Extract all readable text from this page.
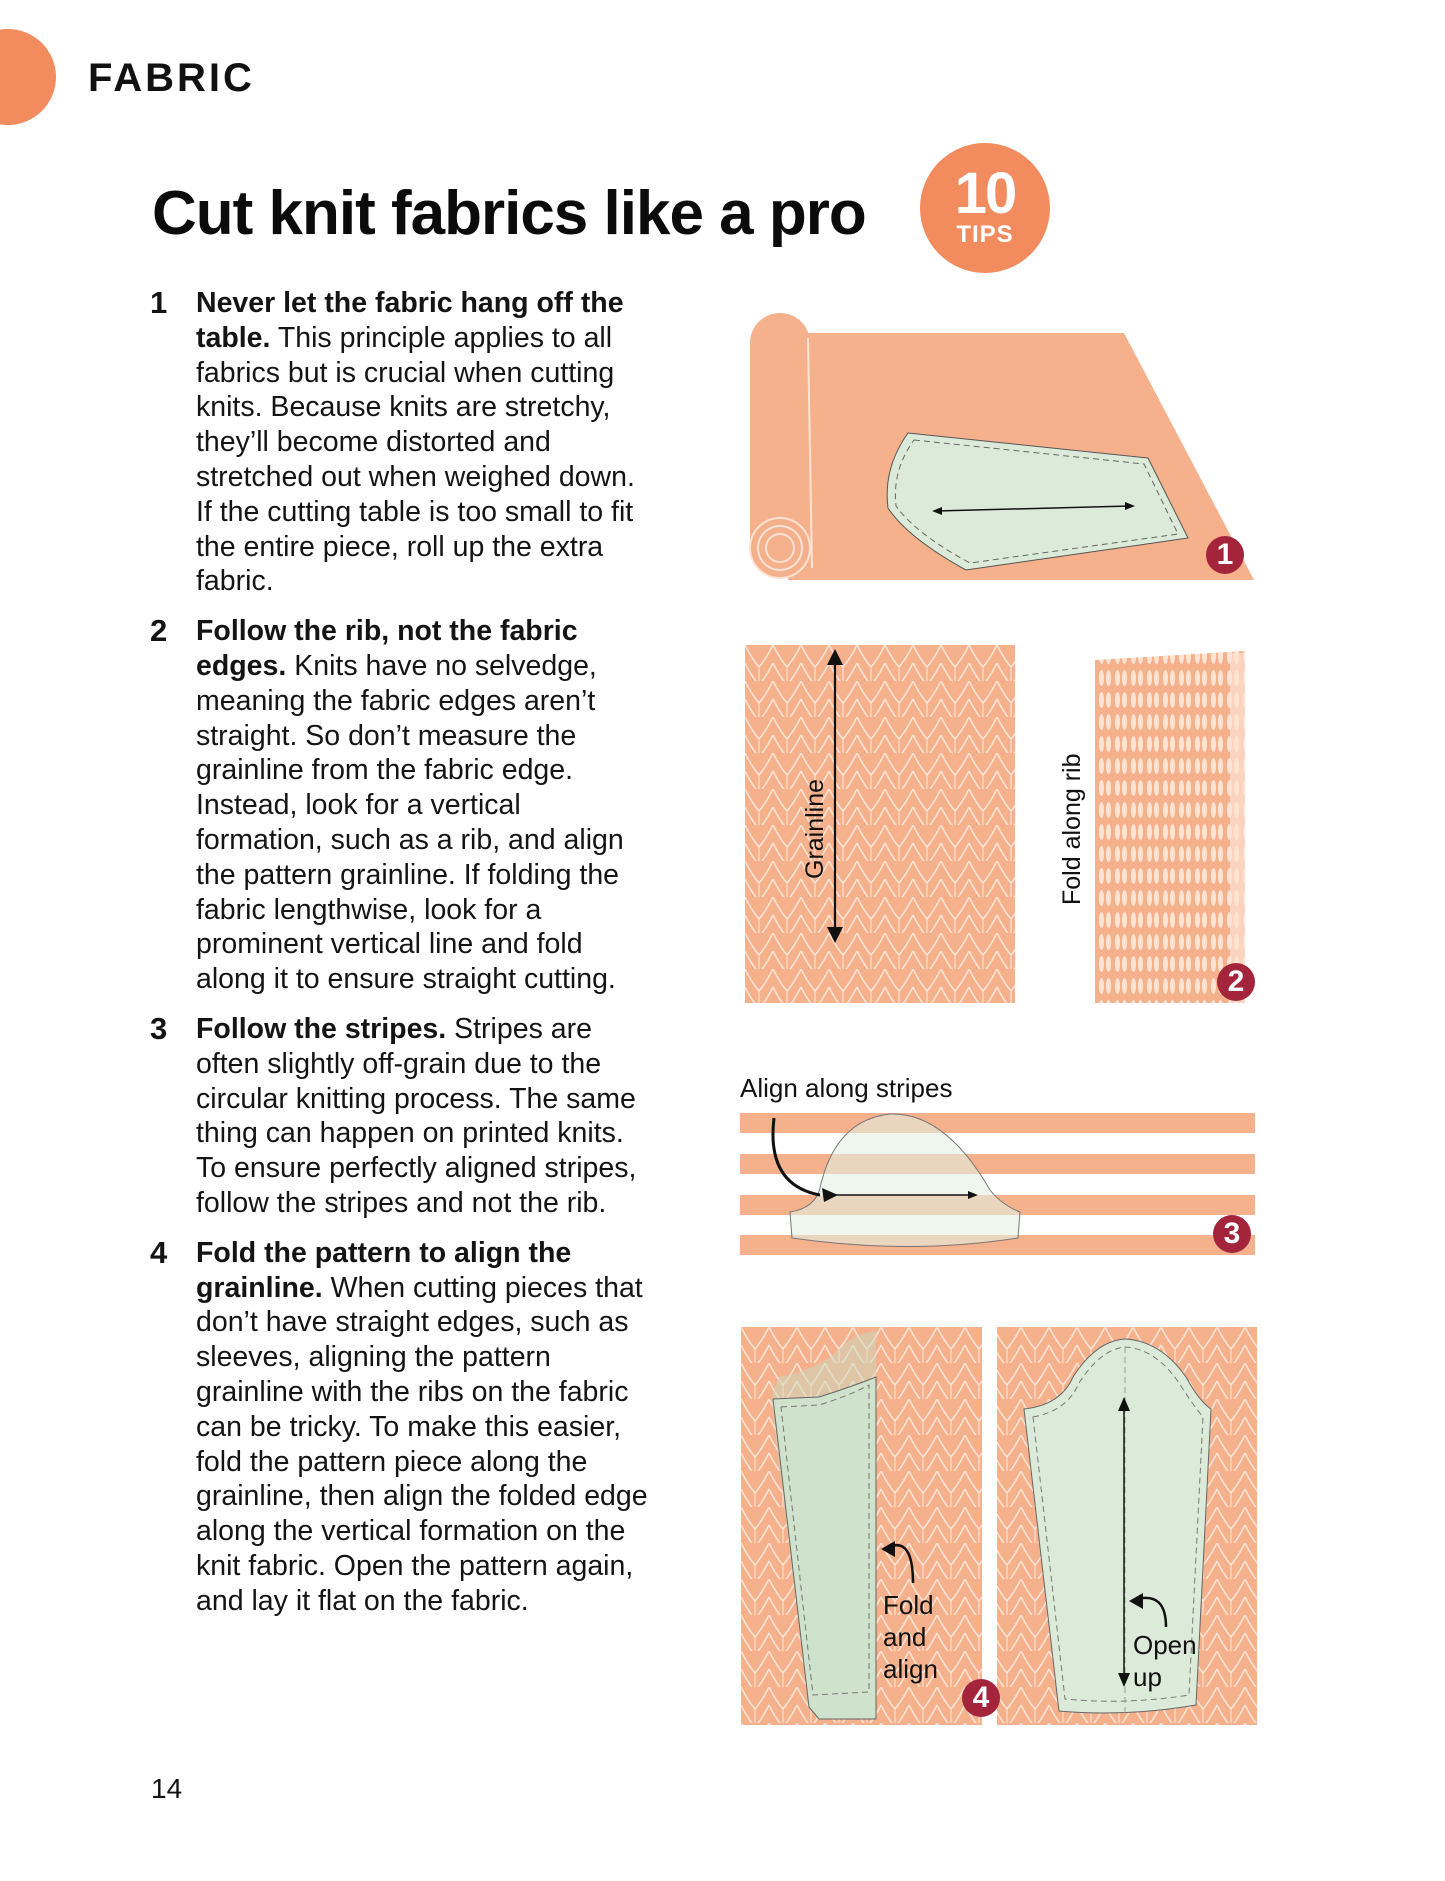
FABRIC
Cut knit fabrics like a pro	10
TIPS

1 Never let the fabric hang off the table. This principle applies to all fabrics but is crucial when cutting knits. Because knits are stretchy, they’ll become distorted and stretched out when weighed down. If the cutting table is too small to fit the entire piece, roll up the extra fabric.

2 Follow the rib, not the fabric edges. Knits have no selvedge, meaning the fabric edges aren’t straight. So don’t measure the grainline from the fabric edge. Instead, look for a vertical formation, such as a rib, and align the pattern grainline. If folding the fabric lengthwise, look for a prominent vertical line and fold along it to ensure straight cutting.

3 Follow the stripes. Stripes are often slightly off-grain due to the circular knitting process. The same thing can happen on printed knits. To ensure perfectly aligned stripes, follow the stripes and not the rib.

4 Fold the pattern to align the grainline. When cutting pieces that don’t have straight edges, such as sleeves, aligning the pattern grainline with the ribs on the fabric can be tricky. To make this easier, fold the pattern piece along the grainline, then align the folded edge along the vertical formation on the knit fabric. Open the pattern again, and lay it flat on the fabric.

1
Grainline	Fold along rib
2
Align along stripes
3
Fold and align
Open up
4
14
